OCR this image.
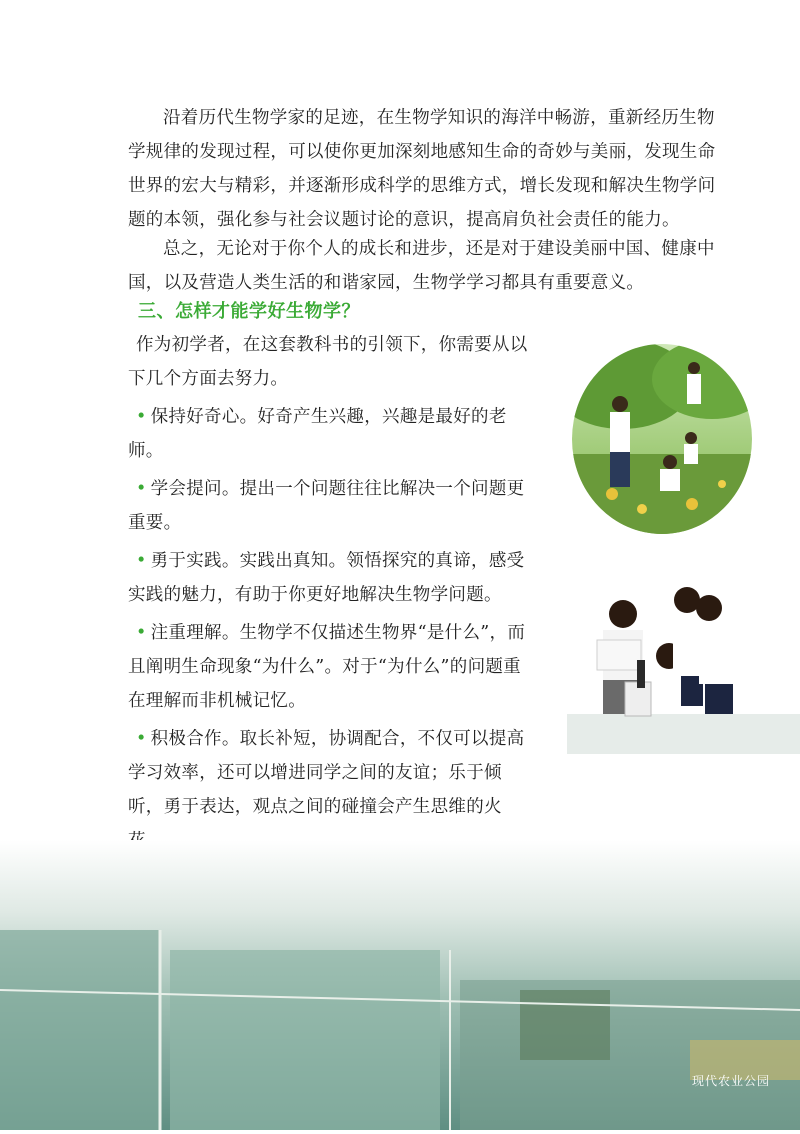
沿着历代生物学家的足迹，在生物学知识的海洋中畅游，重新经历生物学规律的发现过程，可以使你更加深刻地感知生命的奇妙与美丽，发现生命世界的宏大与精彩，并逐渐形成科学的思维方式，增长发现和解决生物学问题的本领，强化参与社会议题讨论的意识，提高肩负社会责任的能力。

总之，无论对于你个人的成长和进步，还是对于建设美丽中国、健康中国，以及营造人类生活的和谐家园，生物学学习都具有重要意义。

三、怎样才能学好生物学？

作为初学者，在这套教科书的引领下，你需要从以下几个方面去努力。

• 保持好奇心。好奇产生兴趣，兴趣是最好的老师。

• 学会提问。提出一个问题往往比解决一个问题更重要。

• 勇于实践。实践出真知。领悟探究的真谛，感受实践的魅力，有助于你更好地解决生物学问题。

• 注重理解。生物学不仅描述生物界“是什么”，而且阐明生命现象“为什么”。对于“为什么”的问题重在理解而非机械记忆。

• 积极合作。取长补短，协调配合，不仅可以提高学习效率，还可以增进同学之间的友谊；乐于倾听，勇于表达，观点之间的碰撞会产生思维的火

现代农业公园
